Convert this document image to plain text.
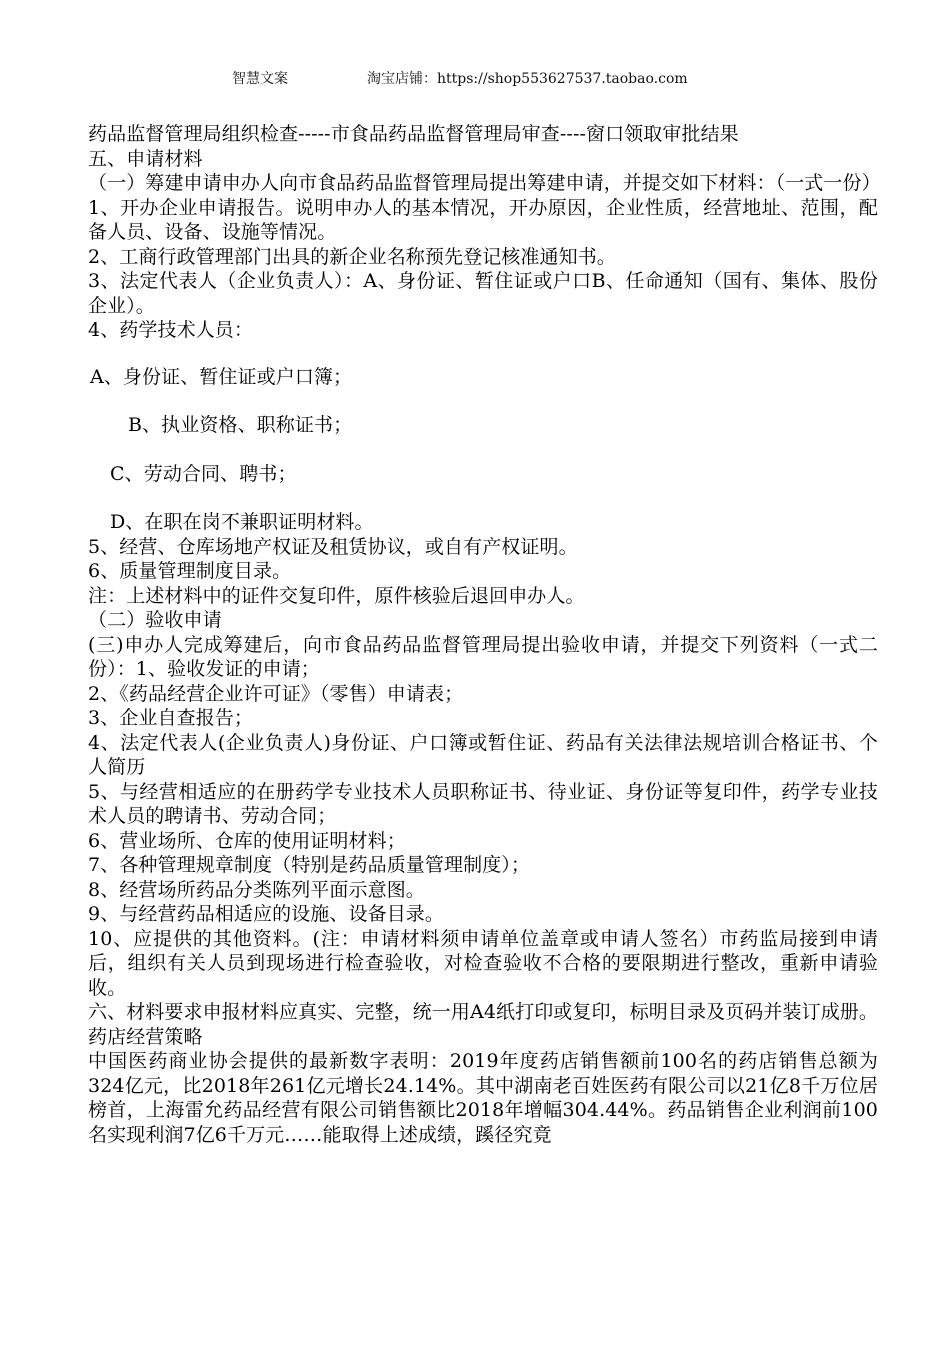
智慧文案	淘宝店铺：https://shop553627537.taobao.com

药品监督管理局组织检查-----市食品药品监督管理局审查----窗口领取审批结果

五、申请材料

（一）筹建申请申办人向市食品药品监督管理局提出筹建申请，并提交如下材料：（一式一份）

1、开办企业申请报告。说明申办人的基本情况，开办原因，企业性质，经营地址、范围，配备人员、设备、设施等情况。

2、工商行政管理部门出具的新企业名称预先登记核准通知书。

3、法定代表人（企业负责人）：A、身份证、暂住证或户口B、任命通知（国有、集体、股份企业）。

4、药学技术人员：

A、身份证、暂住证或户口簿；

B、执业资格、职称证书；

C、劳动合同、聘书；

D、在职在岗不兼职证明材料。

5、经营、仓库场地产权证及租赁协议，或自有产权证明。

6、质量管理制度目录。

注：上述材料中的证件交复印件，原件核验后退回申办人。

（二）验收申请

(三)申办人完成筹建后，向市食品药品监督管理局提出验收申请，并提交下列资料（一式二份）：1、验收发证的申请；

2、《药品经营企业许可证》（零售）申请表；

3、企业自查报告；

4、法定代表人(企业负责人)身份证、户口簿或暂住证、药品有关法律法规培训合格证书、个人简历

5、与经营相适应的在册药学专业技术人员职称证书、待业证、身份证等复印件，药学专业技术人员的聘请书、劳动合同；

6、营业场所、仓库的使用证明材料；

7、各种管理规章制度（特别是药品质量管理制度）；

8、经营场所药品分类陈列平面示意图。

9、与经营药品相适应的设施、设备目录。

10、应提供的其他资料。(注：申请材料须申请单位盖章或申请人签名）市药监局接到申请后，组织有关人员到现场进行检查验收，对检查验收不合格的要限期进行整改，重新申请验收。

六、材料要求申报材料应真实、完整，统一用A4纸打印或复印，标明目录及页码并装订成册。

药店经营策略

中国医药商业协会提供的最新数字表明：2019年度药店销售额前100名的药店销售总额为324亿元，比2018年261亿元增长24.14%。其中湖南老百姓医药有限公司以21亿8千万位居榜首，上海雷允药品经营有限公司销售额比2018年增幅304.44%。药品销售企业利润前100名实现利润7亿6千万元……能取得上述成绩，蹊径究竟
